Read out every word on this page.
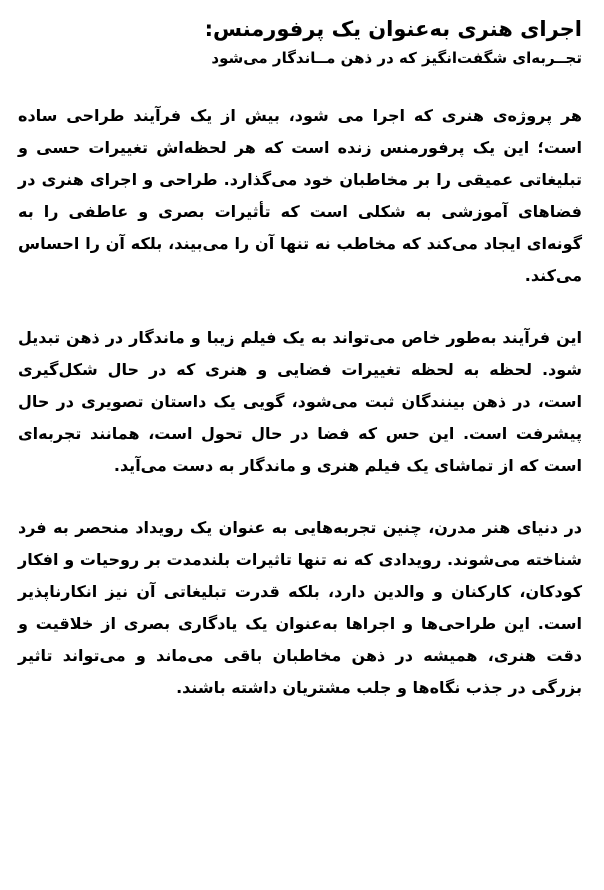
اجرای هنری به‌عنوان یک پرفورمنس:
تجــربه‌ای شگفت‌انگیز که در ذهن مــاندگار می‌شود

هر پروژه‌ی هنری که اجرا می شود، بیش از یک فرآیند طراحی ساده است؛ این یک پرفورمنس زنده است که هر لحظه‌اش تغییرات حسی و تبلیغاتی عمیقی را بر مخاطبان خود می‌گذارد. طراحی و اجرای هنری در فضاهای آموزشی به شکلی است که تأثیرات بصری و عاطفی را به گونه‌ای ایجاد می‌کند که مخاطب نه تنها آن را می‌بیند، بلکه آن را احساس می‌کند.

این فرآیند به‌طور خاص می‌تواند به یک فیلم زیبا و ماندگار در ذهن تبدیل شود. لحظه به لحظه تغییرات فضایی و هنری که در حال شکل‌گیری است، در ذهن بینندگان ثبت می‌شود، گویی یک داستان تصویری در حال پیشرفت است. این حس که فضا در حال تحول است، همانند تجربه‌ای است که از تماشای یک فیلم هنری و ماندگار به دست می‌آید.

در دنیای هنر مدرن، چنین تجربه‌هایی به عنوان یک رویداد منحصر به فرد شناخته می‌شوند. رویدادی که نه تنها تاثیرات بلندمدت بر روحیات و افکار کودکان، کارکنان و والدین دارد، بلکه قدرت تبلیغاتی آن نیز انکارناپذیر است. این طراحی‌ها و اجراها به‌عنوان یک یادگاری بصری از خلاقیت و دقت هنری، همیشه در ذهن مخاطبان باقی می‌ماند و می‌تواند تاثیر بزرگی در جذب نگاه‌ها و جلب مشتریان داشته باشند.
